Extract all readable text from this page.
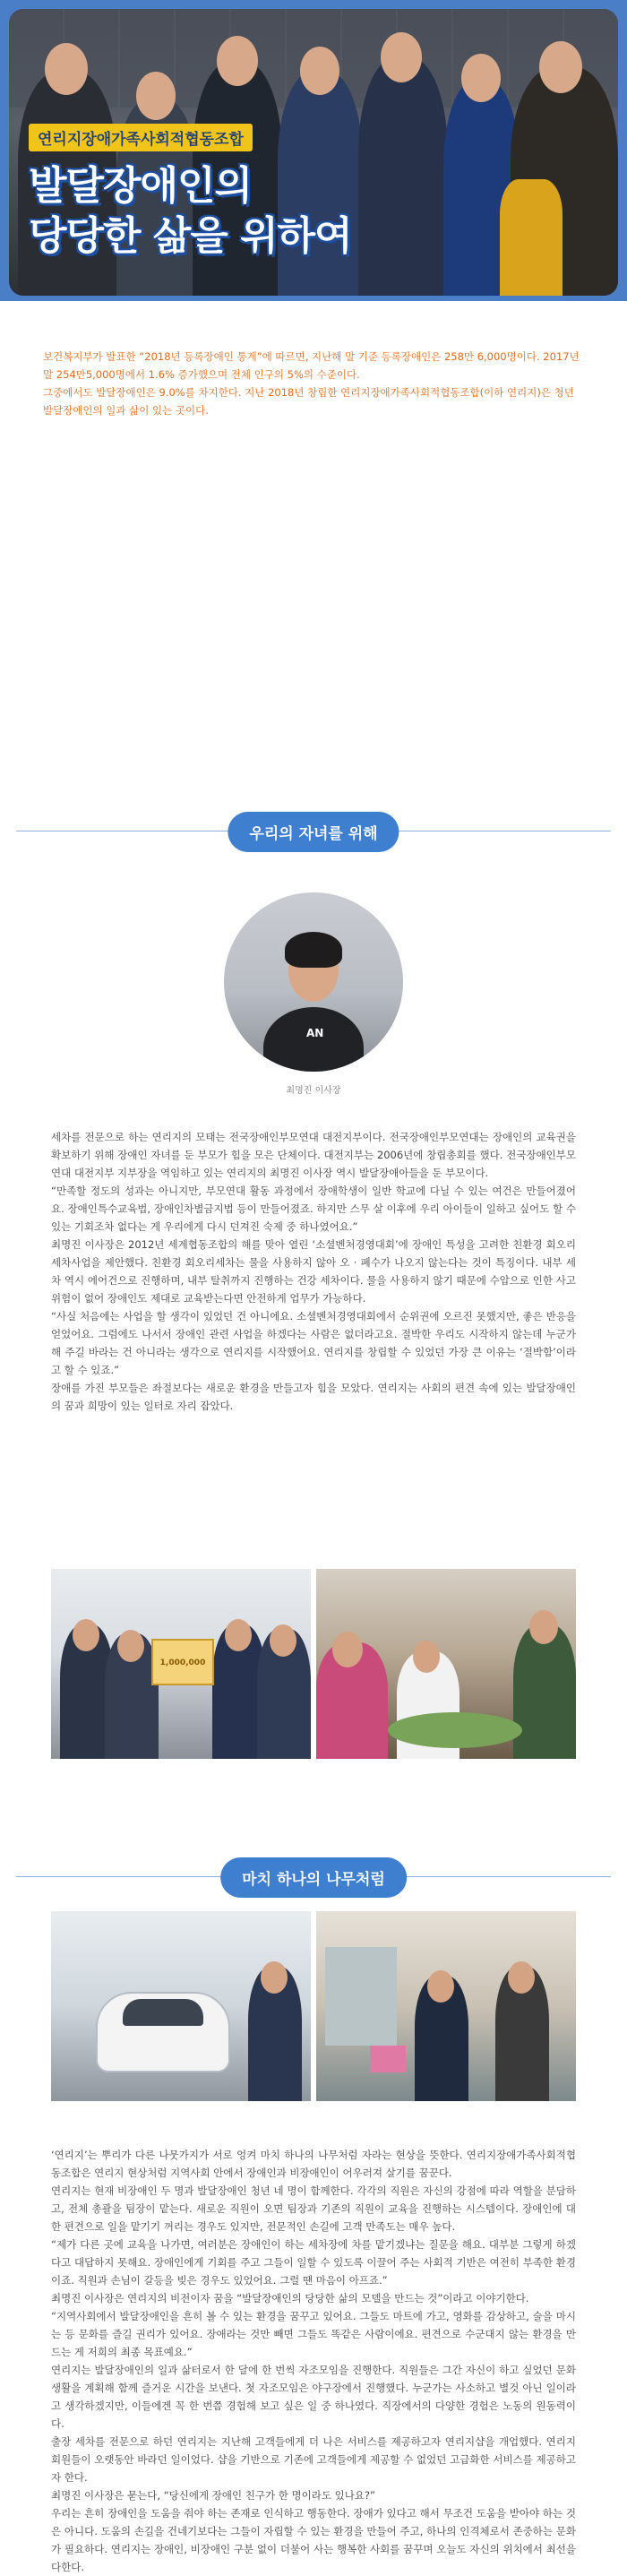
연리지장애가족사회적협동조합
발달장애인의
당당한 삶을 위하여

보건복지부가 발표한 “2018년 등록장애인 통계”에 따르면, 지난해 말 기준 등록장애인은 258만 6,000명이다. 2017년 말 254만5,000명에서 1.6% 증가했으며 전체 인구의 5%의 수준이다.

그중에서도 발달장애인은 9.0%를 차지한다. 지난 2018년 창립한 연리지장애가족사회적협동조합(이하 연리지)은 청년 발달장애인의 일과 삶이 있는 곳이다.

우리의 자녀를 위해
AN
최명진 이사장

세차를 전문으로 하는 연리지의 모태는 전국장애인부모연대 대전지부이다. 전국장애인부모연대는 장애인의 교육권을 확보하기 위해 장애인 자녀를 둔 부모가 힘을 모은 단체이다. 대전지부는 2006년에 창립총회를 했다. 전국장애인부모연대 대전지부 지부장을 역임하고 있는 연리지의 최명진 이사장 역시 발달장애아들을 둔 부모이다.

“만족할 정도의 성과는 아니지만, 부모연대 활동 과정에서 장애학생이 일반 학교에 다닐 수 있는 여건은 만들어졌어요. 장애인특수교육법, 장애인차별금지법 등이 만들어졌죠. 하지만 스무 살 이후에 우리 아이들이 일하고 싶어도 할 수 있는 기회조차 없다는 게 우리에게 다시 던져진 숙제 중 하나였어요.”

최명진 이사장은 2012년 세계협동조합의 해를 맞아 열린 ‘소셜벤처경영대회’에 장애인 특성을 고려한 친환경 회오리세차사업을 제안했다. 친환경 회오리세차는 물을 사용하지 않아 오 · 폐수가 나오지 않는다는 것이 특징이다. 내부 세차 역시 에어건으로 진행하며, 내부 탈취까지 진행하는 건강 세차이다. 물을 사용하지 않기 때문에 수압으로 인한 사고 위험이 없어 장애인도 제대로 교육받는다면 안전하게 업무가 가능하다.

“사실 처음에는 사업을 할 생각이 있었던 건 아니에요. 소셜벤처경영대회에서 순위권에 오르진 못했지만, 좋은 반응을 얻었어요. 그럼에도 나서서 장애인 관련 사업을 하겠다는 사람은 없더라고요. 절박한 우리도 시작하지 않는데 누군가 해 주길 바라는 건 아니라는 생각으로 연리지를 시작했어요. 연리지를 창립할 수 있었던 가장 큰 이유는 ‘절박함’이라고 할 수 있죠.”

장애를 가진 부모들은 좌절보다는 새로운 환경을 만들고자 힘을 모았다. 연리지는 사회의 편견 속에 있는 발달장애인의 꿈과 희망이 있는 일터로 자리 잡았다.

1,000,000
마치 하나의 나무처럼

‘연리지’는 뿌리가 다른 나뭇가지가 서로 엉켜 마치 하나의 나무처럼 자라는 현상을 뜻한다. 연리지장애가족사회적협동조합은 연리지 현상처럼 지역사회 안에서 장애인과 비장애인이 어우러져 살기를 꿈꾼다.

연리지는 현재 비장애인 두 명과 발달장애인 청년 네 명이 함께한다. 각각의 직원은 자신의 강점에 따라 역할을 분담하고, 전체 총괄을 팀장이 맡는다. 새로운 직원이 오면 팀장과 기존의 직원이 교육을 진행하는 시스템이다. 장애인에 대한 편견으로 일을 맡기기 꺼리는 경우도 있지만, 전문적인 손길에 고객 만족도는 매우 높다.

“제가 다른 곳에 교육을 나가면, 여러분은 장애인이 하는 세차장에 차를 맡기겠냐는 질문을 해요. 대부분 그렇게 하겠다고 대답하지 못해요. 장애인에게 기회를 주고 그들이 일할 수 있도록 이끌어 주는 사회적 기반은 여전히 부족한 환경이죠. 직원과 손님이 갈등을 빚은 경우도 있었어요. 그럴 땐 마음이 아프죠.”

최명진 이사장은 연리지의 비전이자 꿈을 “발달장애인의 당당한 삶의 모델을 만드는 것”이라고 이야기한다.

“지역사회에서 발달장애인을 흔히 볼 수 있는 환경을 꿈꾸고 있어요. 그들도 마트에 가고, 영화를 감상하고, 술을 마시는 등 문화를 즐길 권리가 있어요. 장애라는 것만 빼면 그들도 똑같은 사람이에요. 편견으로 수군대지 않는 환경을 만드는 게 저희의 최종 목표예요.”

연리지는 발달장애인의 일과 삶터로서 한 달에 한 번씩 자조모임을 진행한다. 직원들은 그간 자신이 하고 싶었던 문화생활을 계획해 함께 즐거운 시간을 보낸다. 첫 자조모임은 야구장에서 진행했다. 누군가는 사소하고 별것 아닌 일이라고 생각하겠지만, 이들에겐 꼭 한 번쯤 경험해 보고 싶은 일 중 하나였다. 직장에서의 다양한 경험은 노동의 원동력이다.

출장 세차를 전문으로 하던 연리지는 지난해 고객들에게 더 나은 서비스를 제공하고자 연리지샵을 개업했다. 연리지 회원들이 오랫동안 바라던 일이었다. 샵을 기반으로 기존에 고객들에게 제공할 수 없었던 고급화한 서비스를 제공하고자 한다.

최명진 이사장은 묻는다, “당신에게 장애인 친구가 한 명이라도 있나요?”

우리는 흔히 장애인을 도움을 줘야 하는 존재로 인식하고 행동한다. 장애가 있다고 해서 무조건 도움을 받아야 하는 것은 아니다. 도움의 손길을 건네기보다는 그들이 자립할 수 있는 환경을 만들어 주고, 하나의 인격체로서 존중하는 문화가 필요하다. 연리지는 장애인, 비장애인 구분 없이 더불어 사는 행복한 사회를 꿈꾸며 오늘도 자신의 위치에서 최선을 다한다.
